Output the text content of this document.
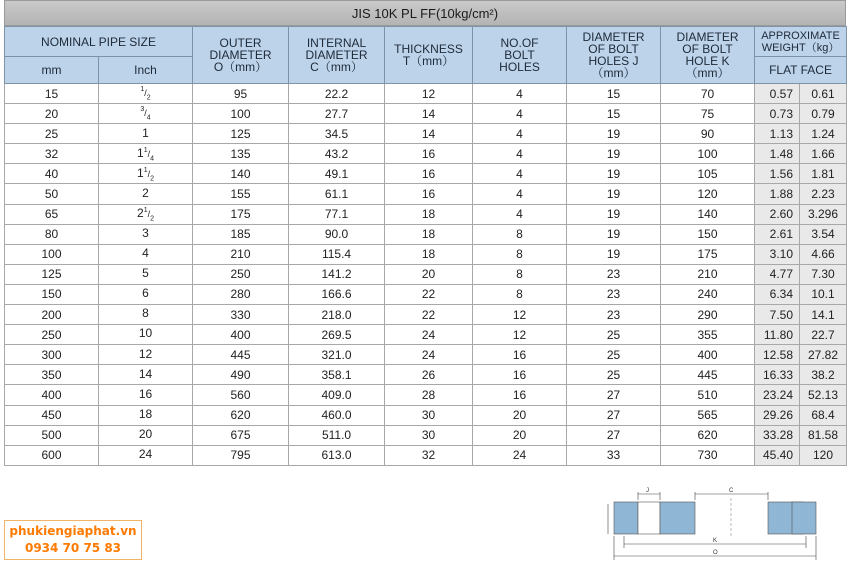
JIS 10K PL FF(10kg/cm²)
NOMINAL PIPE SIZE		OUTER
DIAMETER
O（mm）	INTERNAL
DIAMETER
C（mm）	THICKNESS
T（mm）	NO.OF
BOLT
HOLES	DIAMETER
OF BOLT
HOLES J
（mm）	DIAMETER
OF BOLT
HOLE K
（mm）	APPROXIMATE
WEIGHT（kg）	
mm	Inch							FLAT FACE	
15	$^1/_2$	95	22.2	12	4	15	70	0.57	0.61
20	$^3/_4$	100	27.7	14	4	15	75	0.73	0.79
25	1	125	34.5	14	4	19	90	1.13	1.24
32	$1^1/_4$	135	43.2	16	4	19	100	1.48	1.66
40	$1^1/_2$	140	49.1	16	4	19	105	1.56	1.81
50	2	155	61.1	16	4	19	120	1.88	2.23
65	$2^1/_2$	175	77.1	18	4	19	140	2.60	3.296
80	3	185	90.0	18	8	19	150	2.61	3.54
100	4	210	115.4	18	8	19	175	3.10	4.66
125	5	250	141.2	20	8	23	210	4.77	7.30
150	6	280	166.6	22	8	23	240	6.34	10.1
200	8	330	218.0	22	12	23	290	7.50	14.1
250	10	400	269.5	24	12	25	355	11.80	22.7
300	12	445	321.0	24	16	25	400	12.58	27.82
350	14	490	358.1	26	16	25	445	16.33	38.2
400	16	560	409.0	28	16	27	510	23.24	52.13
450	18	620	460.0	30	20	27	565	29.26	68.4
500	20	675	511.0	30	20	27	620	33.28	81.58
600	24	795	613.0	32	24	33	730	45.40	120
phukiengiaphat.vn
0934 70 75 83
J	C
K
O
